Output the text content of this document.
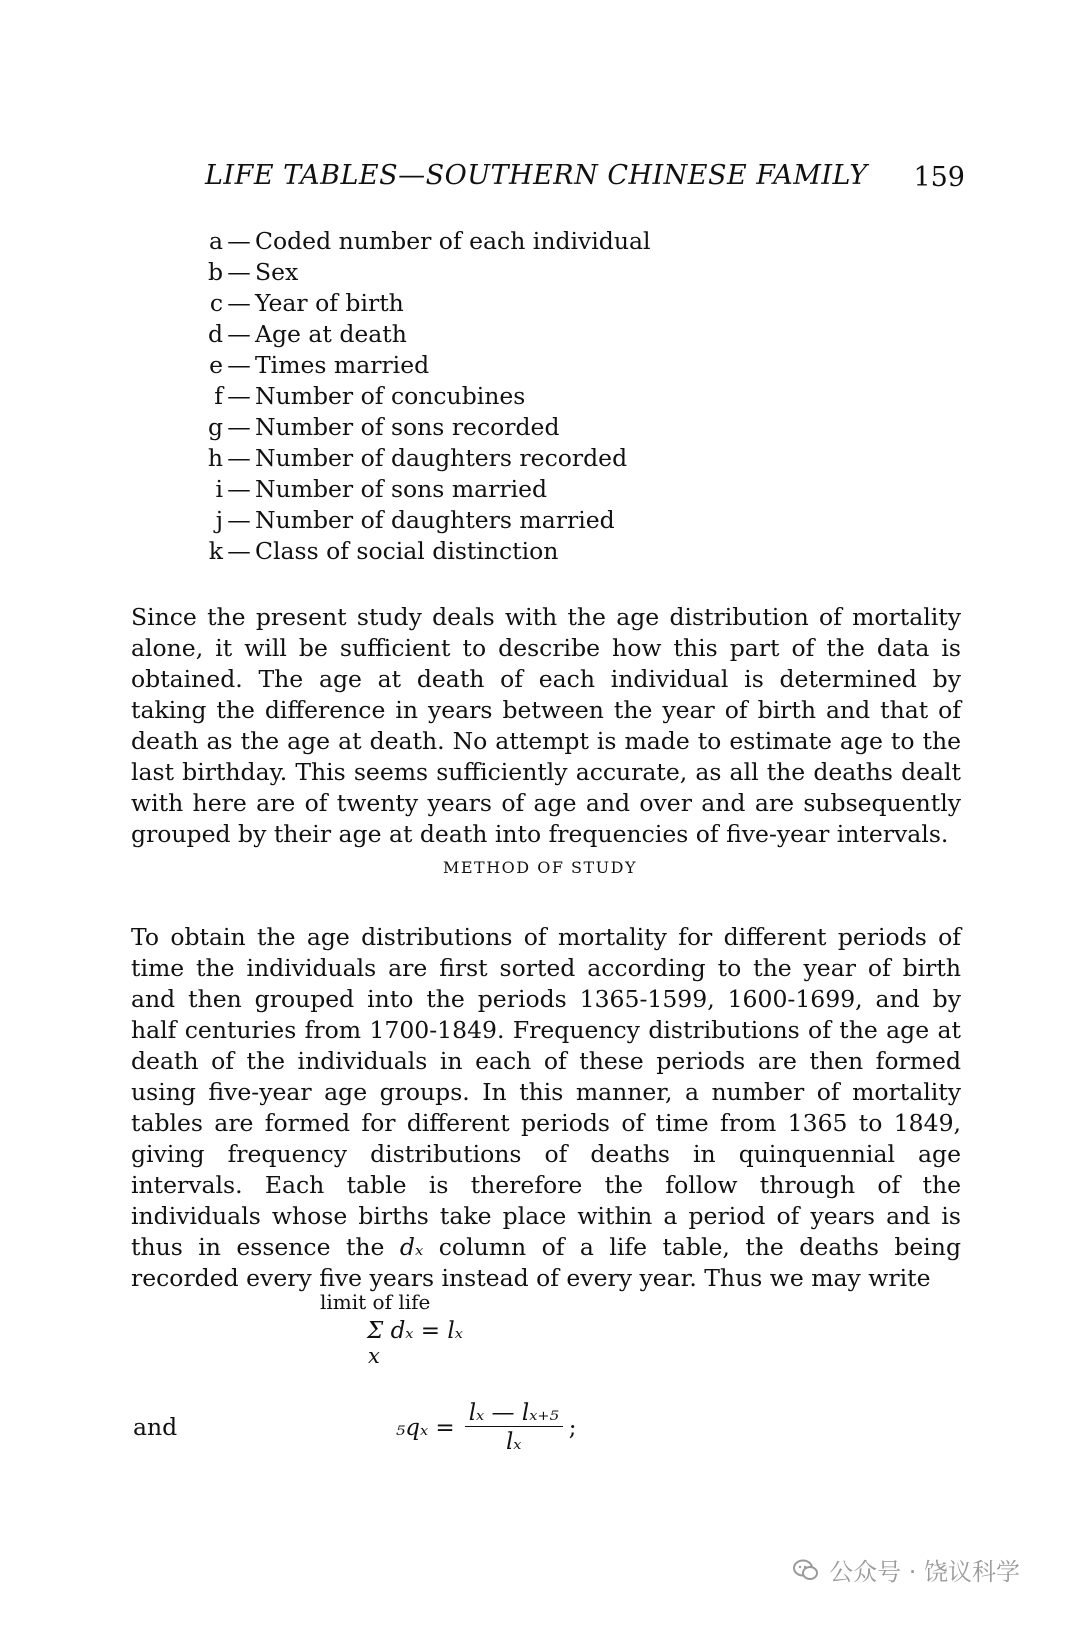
LIFE TABLES—SOUTHERN CHINESE FAMILY 159
a — Coded number of each individual
b — Sex
c — Year of birth
d — Age at death
e — Times married
f — Number of concubines
g — Number of sons recorded
h — Number of daughters recorded
i — Number of sons married
j — Number of daughters married
k — Class of social distinction

Since the present study deals with the age distribution of mortality alone, it will be sufficient to describe how this part of the data is obtained. The age at death of each individual is determined by taking the difference in years between the year of birth and that of death as the age at death. No attempt is made to estimate age to the last birthday. This seems sufficiently accurate, as all the deaths dealt with here are of twenty years of age and over and are subsequently grouped by their age at death into frequencies of five-year intervals.

METHOD OF STUDY

To obtain the age distributions of mortality for different periods of time the individuals are first sorted according to the year of birth and then grouped into the periods 1365-1599, 1600-1699, and by half centuries from 1700-1849. Frequency distributions of the age at death of the individuals in each of these periods are then formed using five-year age groups. In this manner, a number of mortality tables are formed for different periods of time from 1365 to 1849, giving frequency distributions of deaths in quinquennial age intervals. Each table is therefore the follow through of the individuals whose births take place within a period of years and is thus in essence the dₓ column of a life table, the deaths being recorded every five years instead of every year. Thus we may write

limit of life
Σ dₓ = lₓ
x
and	$_5q_x = \frac{\text{lₓ — lₓ₊₅}}{\text{lₓ}}$ ;
公众号 · 饶议科学
